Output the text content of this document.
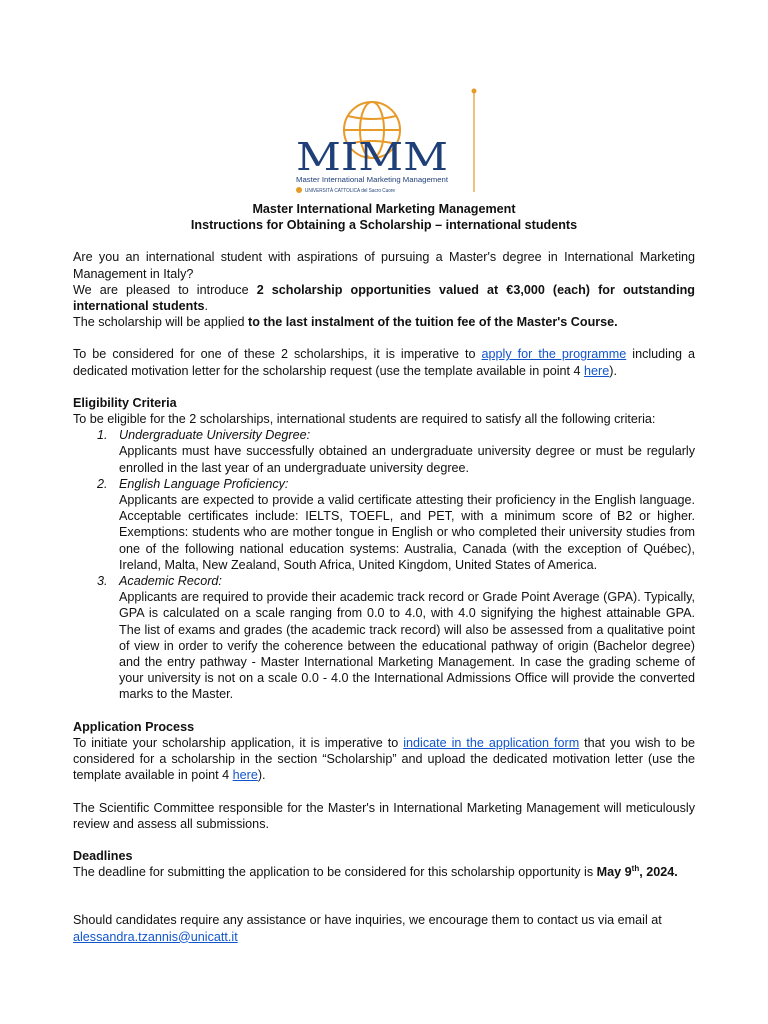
MIMM
Master International Marketing Management
UNIVERSITÀ CATTOLICA del Sacro Cuore

Master International Marketing Management

Instructions for Obtaining a Scholarship – international students

Are you an international student with aspirations of pursuing a Master's degree in International Marketing Management in Italy?

We are pleased to introduce 2 scholarship opportunities valued at €3,000 (each) for outstanding international students.

The scholarship will be applied to the last instalment of the tuition fee of the Master's Course.

To be considered for one of these 2 scholarships, it is imperative to apply for the programme including a dedicated motivation letter for the scholarship request (use the template available in point 4 here).

Eligibility Criteria

To be eligible for the 2 scholarships, international students are required to satisfy all the following criteria:

1. Undergraduate University Degree:
Applicants must have successfully obtained an undergraduate university degree or must be regularly enrolled in the last year of an undergraduate university degree.
2. English Language Proficiency:
Applicants are expected to provide a valid certificate attesting their proficiency in the English language. Acceptable certificates include: IELTS, TOEFL, and PET, with a minimum score of B2 or higher. Exemptions: students who are mother tongue in English or who completed their university studies from one of the following national education systems: Australia, Canada (with the exception of Québec), Ireland, Malta, New Zealand, South Africa, United Kingdom, United States of America.
3. Academic Record:
Applicants are required to provide their academic track record or Grade Point Average (GPA). Typically, GPA is calculated on a scale ranging from 0.0 to 4.0, with 4.0 signifying the highest attainable GPA. The list of exams and grades (the academic track record) will also be assessed from a qualitative point of view in order to verify the coherence between the educational pathway of origin (Bachelor degree) and the entry pathway - Master International Marketing Management. In case the grading scheme of your university is not on a scale 0.0 - 4.0 the International Admissions Office will provide the converted marks to the Master.

Application Process

To initiate your scholarship application, it is imperative to indicate in the application form that you wish to be considered for a scholarship in the section “Scholarship” and upload the dedicated motivation letter (use the template available in point 4 here).

The Scientific Committee responsible for the Master's in International Marketing Management will meticulously review and assess all submissions.

Deadlines

The deadline for submitting the application to be considered for this scholarship opportunity is May 9th, 2024.

Should candidates require any assistance or have inquiries, we encourage them to contact us via email at

alessandra.tzannis@unicatt.it
